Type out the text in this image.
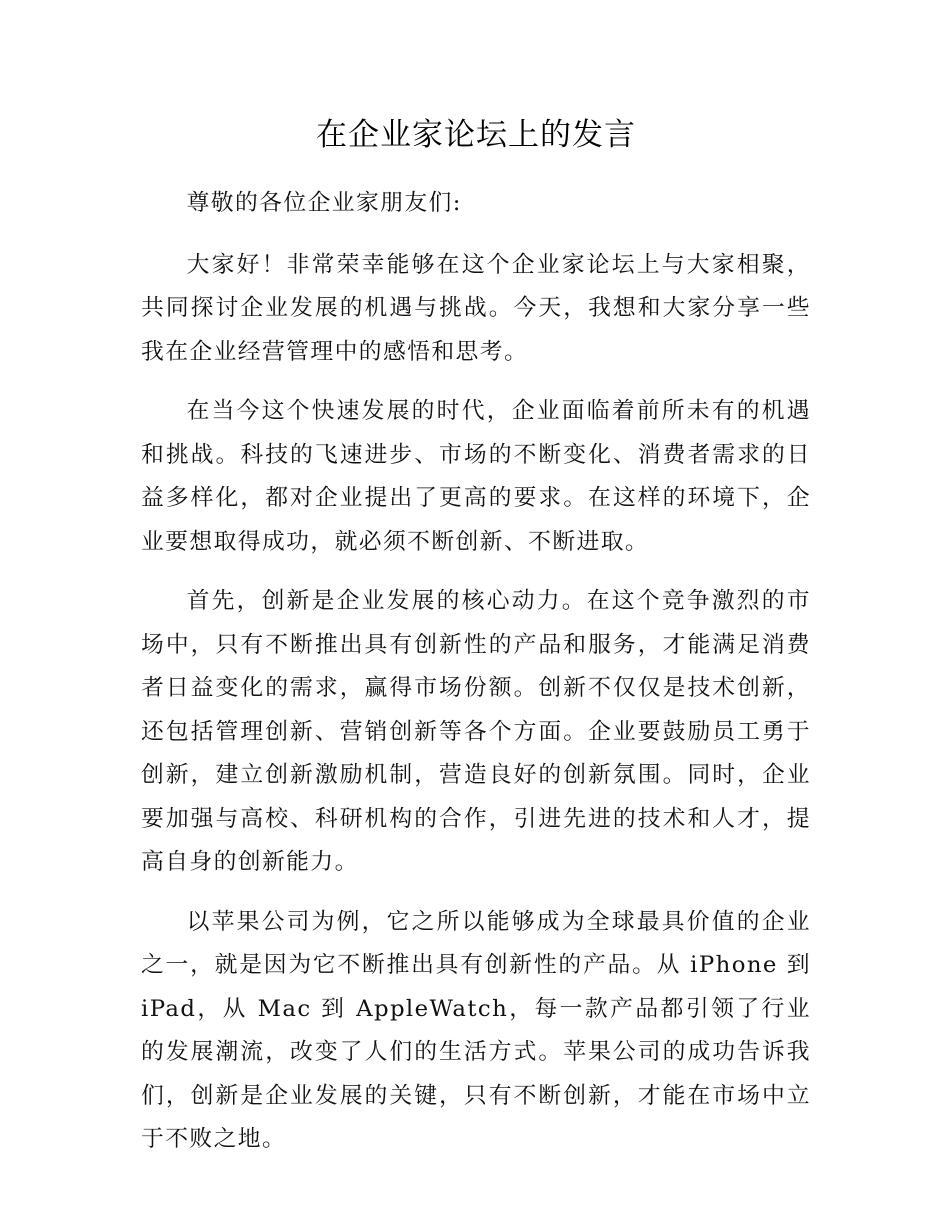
在企业家论坛上的发言

尊敬的各位企业家朋友们:

大家好！非常荣幸能够在这个企业家论坛上与大家相聚，共同探讨企业发展的机遇与挑战。今天，我想和大家分享一些我在企业经营管理中的感悟和思考。

在当今这个快速发展的时代，企业面临着前所未有的机遇和挑战。科技的飞速进步、市场的不断变化、消费者需求的日益多样化，都对企业提出了更高的要求。在这样的环境下，企业要想取得成功，就必须不断创新、不断进取。

首先，创新是企业发展的核心动力。在这个竞争激烈的市场中，只有不断推出具有创新性的产品和服务，才能满足消费者日益变化的需求，赢得市场份额。创新不仅仅是技术创新，还包括管理创新、营销创新等各个方面。企业要鼓励员工勇于创新，建立创新激励机制，营造良好的创新氛围。同时，企业要加强与高校、科研机构的合作，引进先进的技术和人才，提高自身的创新能力。

以苹果公司为例，它之所以能够成为全球最具价值的企业之一，就是因为它不断推出具有创新性的产品。从 iPhone 到 iPad，从 Mac 到 AppleWatch，每一款产品都引领了行业的发展潮流，改变了人们的生活方式。苹果公司的成功告诉我们，创新是企业发展的关键，只有不断创新，才能在市场中立于不败之地。
